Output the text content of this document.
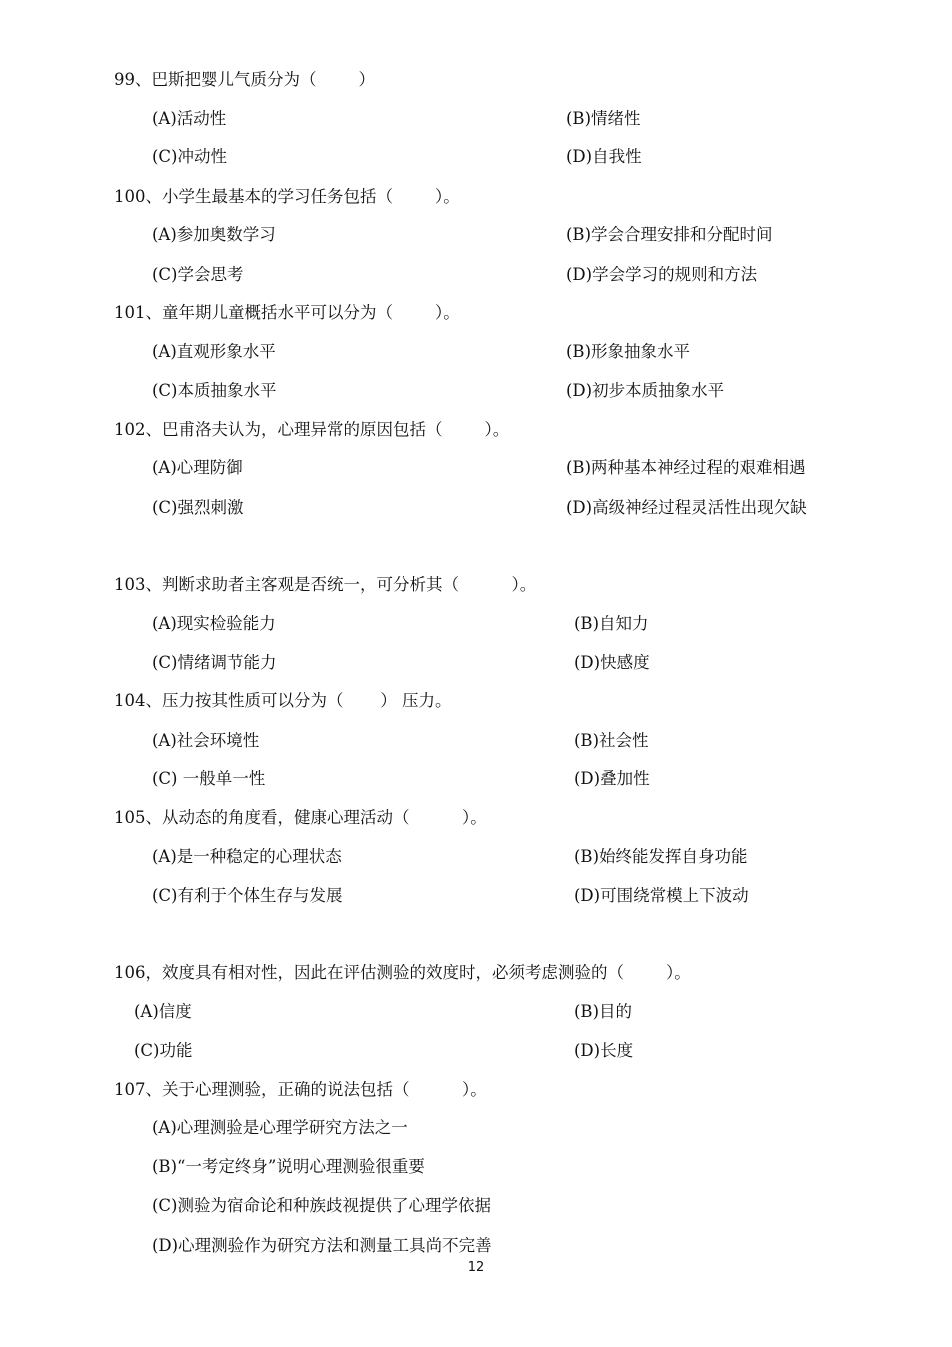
99、巴斯把婴儿气质分为（        ）
(A)活动性	(B)情绪性
(C)冲动性	(D)自我性
100、小学生最基本的学习任务包括（        ）。
(A)参加奥数学习	(B)学会合理安排和分配时间
(C)学会思考	(D)学会学习的规则和方法
101、童年期儿童概括水平可以分为（        ）。
(A)直观形象水平	(B)形象抽象水平
(C)本质抽象水平	(D)初步本质抽象水平
102、巴甫洛夫认为，心理异常的原因包括（        ）。
(A)心理防御	(B)两种基本神经过程的艰难相遇
(C)强烈刺激	(D)高级神经过程灵活性出现欠缺
103、判断求助者主客观是否统一，可分析其（          ）。
(A)现实检验能力	(B)自知力
(C)情绪调节能力	(D)快感度
104、压力按其性质可以分为（       ） 压力。
(A)社会环境性	(B)社会性
(C) 一般单一性	(D)叠加性
105、从动态的角度看，健康心理活动（          ）。
(A)是一种稳定的心理状态	(B)始终能发挥自身功能
(C)有利于个体生存与发展	(D)可围绕常模上下波动
106，效度具有相对性，因此在评估测验的效度时，必须考虑测验的（        ）。
(A)信度	(B)目的
(C)功能	(D)长度
107、关于心理测验，正确的说法包括（          ）。
(A)心理测验是心理学研究方法之一
(B)“一考定终身”说明心理测验很重要
(C)测验为宿命论和种族歧视提供了心理学依据
(D)心理测验作为研究方法和测量工具尚不完善
12
